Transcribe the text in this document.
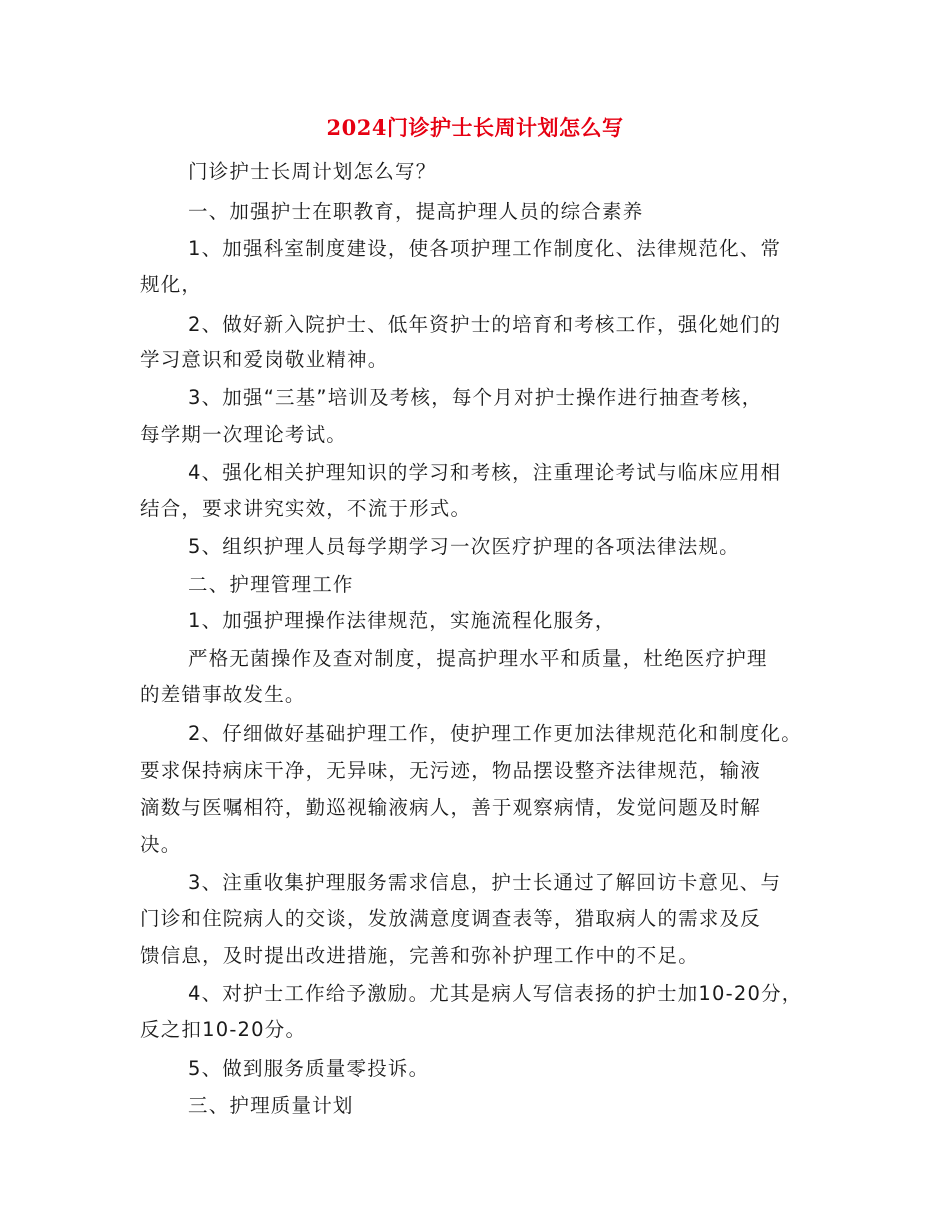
2024门诊护士长周计划怎么写
门诊护士长周计划怎么写？
一、加强护士在职教育，提高护理人员的综合素养
1、加强科室制度建设，使各项护理工作制度化、法律规范化、常
规化，
2、做好新入院护士、低年资护士的培育和考核工作，强化她们的
学习意识和爱岗敬业精神。
3、加强“三基”培训及考核，每个月对护士操作进行抽查考核，
每学期一次理论考试。
4、强化相关护理知识的学习和考核，注重理论考试与临床应用相
结合，要求讲究实效，不流于形式。
5、组织护理人员每学期学习一次医疗护理的各项法律法规。
二、护理管理工作
1、加强护理操作法律规范，实施流程化服务，
严格无菌操作及查对制度，提高护理水平和质量，杜绝医疗护理
的差错事故发生。
2、仔细做好基础护理工作，使护理工作更加法律规范化和制度化。
要求保持病床干净，无异味，无污迹，物品摆设整齐法律规范，输液
滴数与医嘱相符，勤巡视输液病人，善于观察病情，发觉问题及时解
决。
3、注重收集护理服务需求信息，护士长通过了解回访卡意见、与
门诊和住院病人的交谈，发放满意度调查表等，猎取病人的需求及反
馈信息，及时提出改进措施，完善和弥补护理工作中的不足。
4、对护士工作给予激励。尤其是病人写信表扬的护士加10-20分，
反之扣10-20分。
5、做到服务质量零投诉。
三、护理质量计划
